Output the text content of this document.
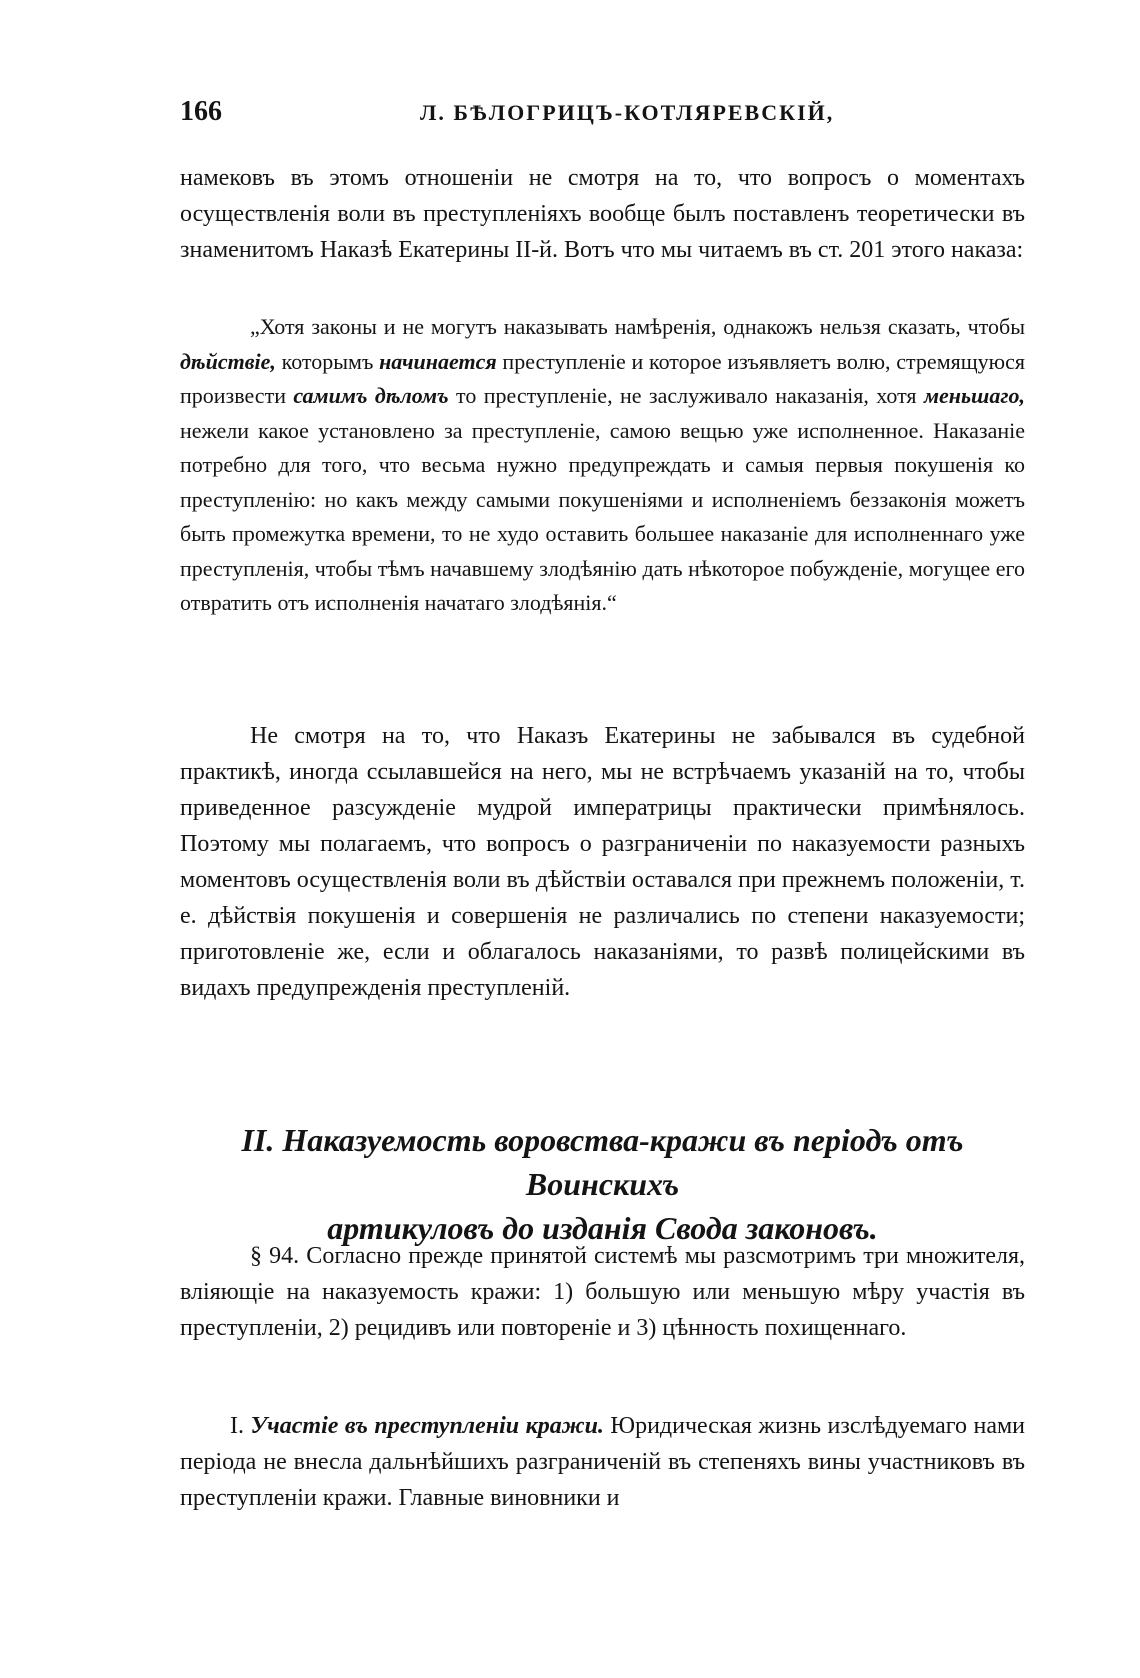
166	Л. БѢЛОГРИЦЪ-КОТЛЯРЕВСКІЙ,

намековъ въ этомъ отношеніи не смотря на то, что вопросъ о моментахъ осуществленія воли въ преступленіяхъ вообще былъ поставленъ теоретически въ знаменитомъ Наказѣ Екатерины II-й. Вотъ что мы читаемъ въ ст. 201 этого наказа:

„Хотя законы и не могутъ наказывать намѣренія, однакожъ нельзя сказать, чтобы дѣйствіе, которымъ начинается преступленіе и которое изъявляетъ волю, стремящуюся произвести самимъ дѣломъ то преступленіе, не заслуживало наказанія, хотя меньшаго, нежели какое установлено за преступленіе, самою вещью уже исполненное. Наказаніе потребно для того, что весьма нужно предупреждать и самыя первыя покушенія ко преступленію: но какъ между самыми покушеніями и исполненіемъ беззаконія можетъ быть промежутка времени, то не худо оставить большее наказаніе для исполненнаго уже преступленія, чтобы тѣмъ начавшему злодѣянію дать нѣкоторое побужденіе, могущее его отвратить отъ исполненія начатаго злодѣянія.“

Не смотря на то, что Наказъ Екатерины не забывался въ судебной практикѣ, иногда ссылавшейся на него, мы не встрѣчаемъ указаній на то, чтобы приведенное разсужденіе мудрой императрицы практически примѣнялось. Поэтому мы полагаемъ, что вопросъ о разграниченіи по наказуемости разныхъ моментовъ осуществленія воли въ дѣйствіи оставался при прежнемъ положеніи, т. е. дѣйствія покушенія и совершенія не различались по степени наказуемости; приготовленіе же, если и облагалось наказаніями, то развѣ полицейскими въ видахъ предупрежденія преступленій.

II. Наказуемость воровства-кражи въ періодъ отъ Воинскихъ
артикуловъ до изданія Свода законовъ.

§ 94. Согласно прежде принятой системѣ мы разсмотримъ три множителя, вліяющіе на наказуемость кражи: 1) большую или меньшую мѣру участія въ преступленіи, 2) рецидивъ или повтореніе и 3) цѣнность похищеннаго.

I. Участіе въ преступленіи кражи. Юридическая жизнь изслѣдуемаго нами періода не внесла дальнѣйшихъ разграниченій въ степеняхъ вины участниковъ въ преступленіи кражи. Главные виновники и
